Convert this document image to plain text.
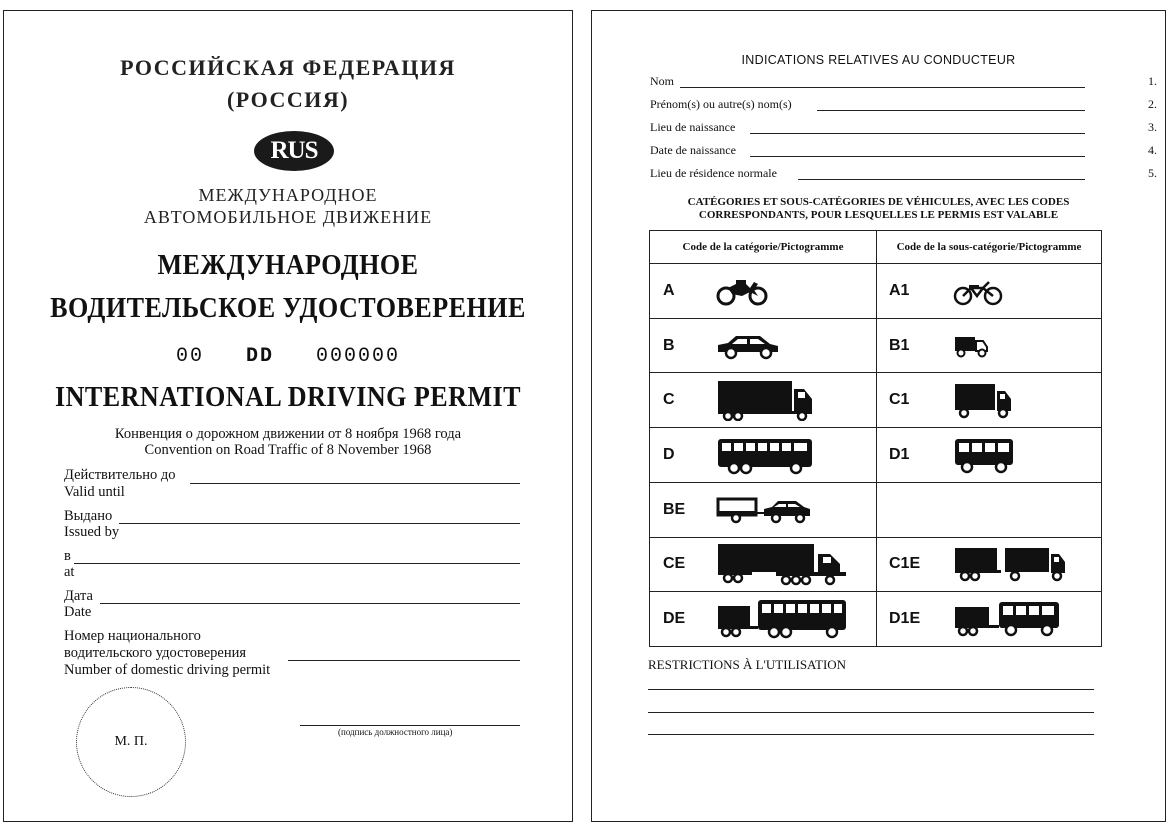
РОССИЙСКАЯ ФЕДЕРАЦИЯ
(РОССИЯ)
RUS
МЕЖДУНАРОДНОЕ
АВТОМОБИЛЬНОЕ ДВИЖЕНИЕ
МЕЖДУНАРОДНОЕ
ВОДИТЕЛЬСКОЕ УДОСТОВЕРЕНИЕ
00 DD 000000
INTERNATIONAL DRIVING PERMIT
Конвенция о дорожном движении от 8 ноября 1968 года
Convention on Road Traffic of 8 November 1968
Действительно до
Valid until
Выдано
Issued by
в
at
Дата
Date
Номер национального
водительского удостоверения
Number of domestic driving permit
М. П.
(подпись должностного лица)
INDICATIONS RELATIVES AU CONDUCTEUR
Nom	1.
Prénom(s) ou autre(s) nom(s)	2.
Lieu de naissance	3.
Date de naissance	4.
Lieu de résidence normale	5.
CATÉGORIES ET SOUS-CATÉGORIES DE VÉHICULES, AVEC LES CODES
CORRESPONDANTS, POUR LESQUELLES LE PERMIS EST VALABLE
Code de la catégorie/Pictogramme	Code de la sous-catégorie/Pictogramme

A	A1

B	B1

C	C1

D	D1

BE	

CE	C1E

DE	D1E
RESTRICTIONS À L'UTILISATION
